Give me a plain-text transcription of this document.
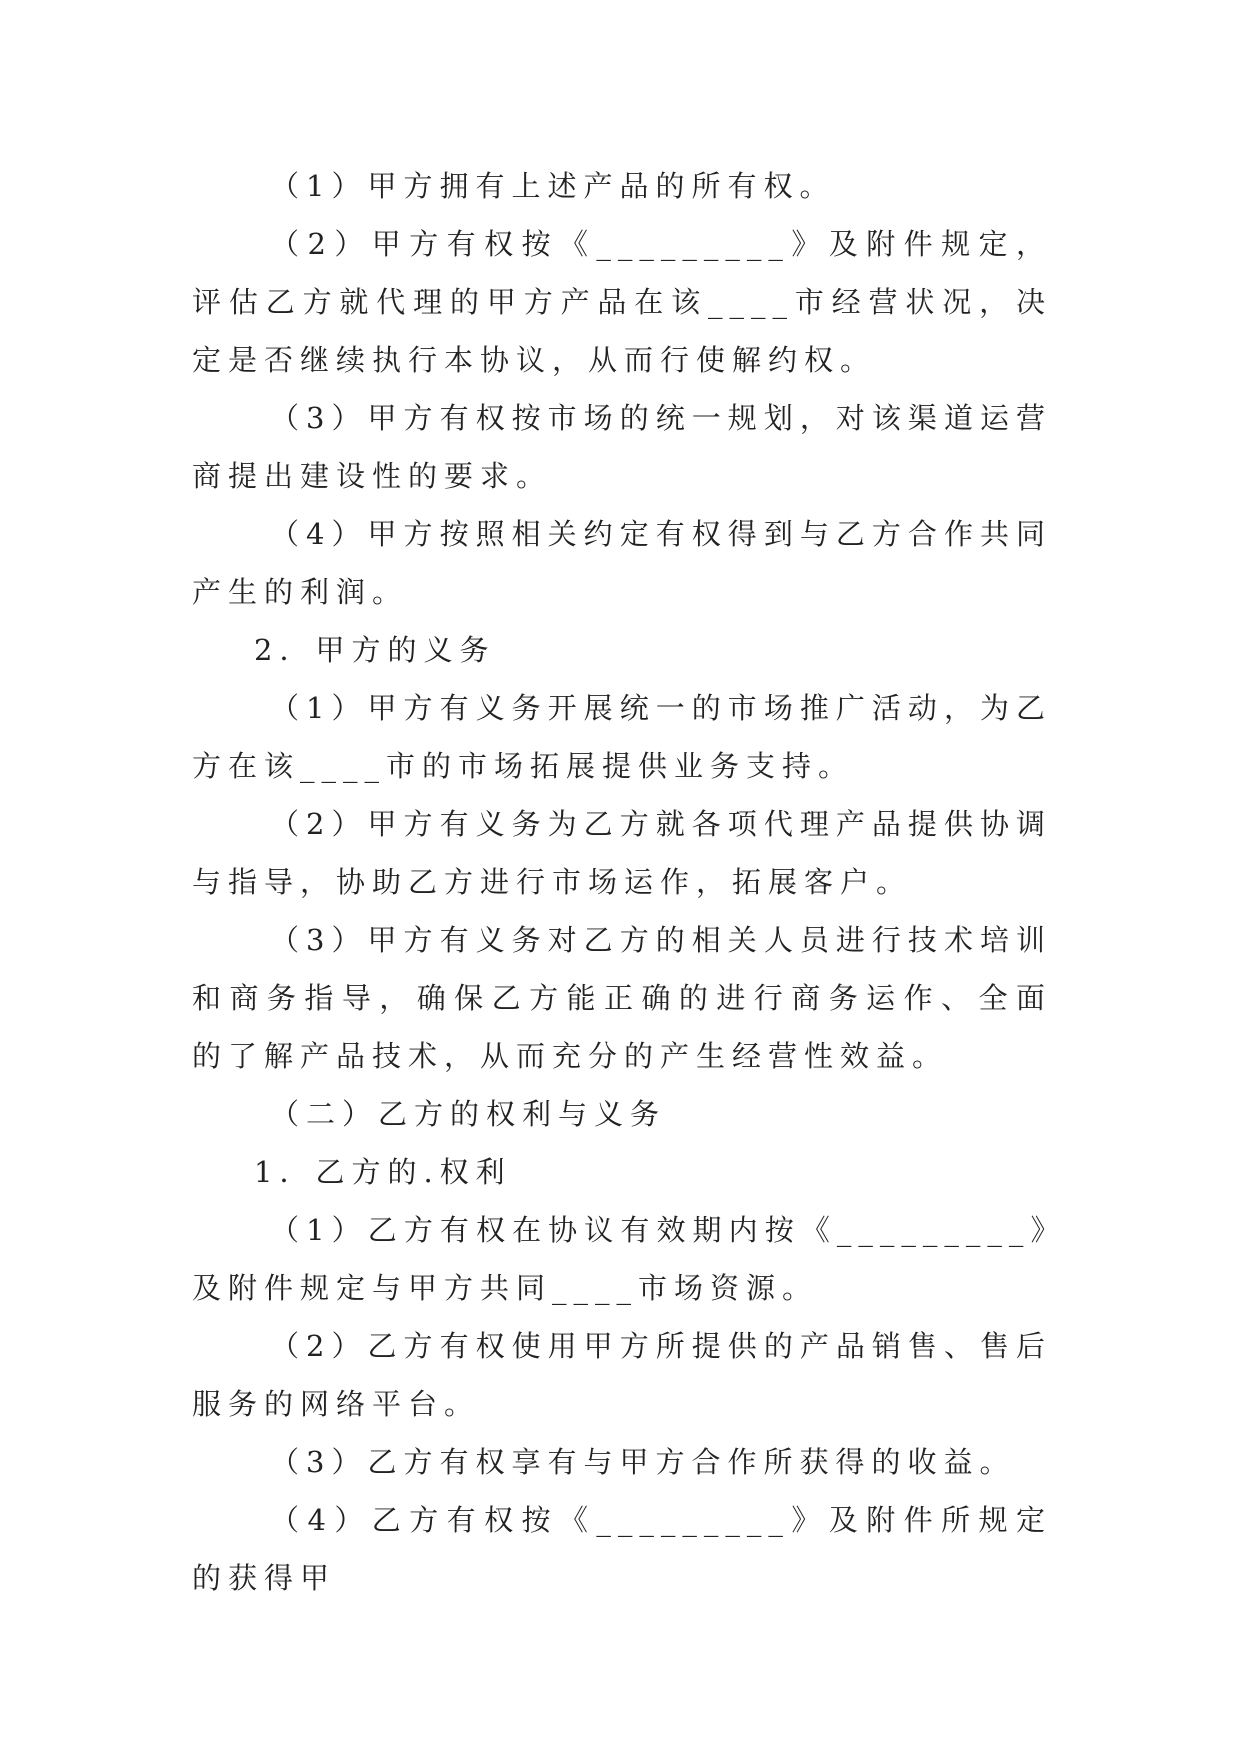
（1）甲方拥有上述产品的所有权。

（2）甲方有权按《_________》及附件规定，评估乙方就代理的甲方产品在该____市经营状况，决定是否继续执行本协议，从而行使解约权。

（3）甲方有权按市场的统一规划，对该渠道运营商提出建设性的要求。

（4）甲方按照相关约定有权得到与乙方合作共同产生的利润。

2．甲方的义务

（1）甲方有义务开展统一的市场推广活动，为乙方在该____市的市场拓展提供业务支持。

（2）甲方有义务为乙方就各项代理产品提供协调与指导，协助乙方进行市场运作，拓展客户。

（3）甲方有义务对乙方的相关人员进行技术培训和商务指导，确保乙方能正确的进行商务运作、全面的了解产品技术，从而充分的产生经营性效益。

（二）乙方的权利与义务

1．乙方的.权利

（1）乙方有权在协议有效期内按《_________》及附件规定与甲方共同____市场资源。

（2）乙方有权使用甲方所提供的产品销售、售后服务的网络平台。

（3）乙方有权享有与甲方合作所获得的收益。

（4）乙方有权按《_________》及附件所规定的获得甲
